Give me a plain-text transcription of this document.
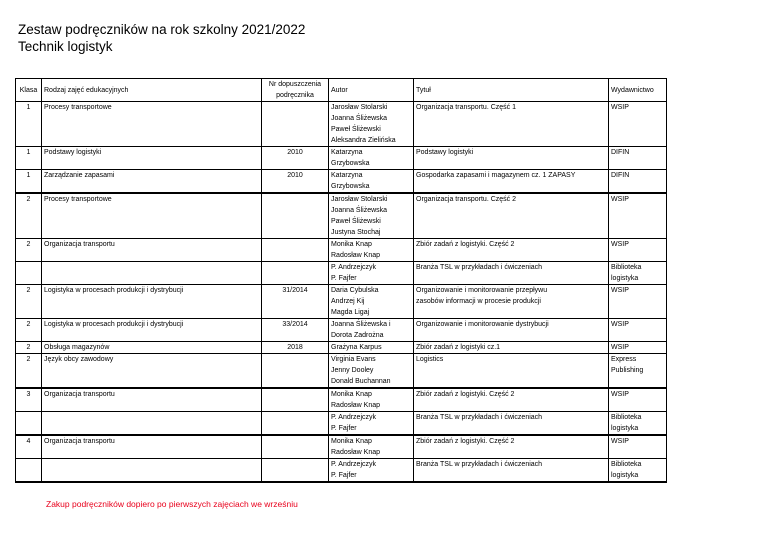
Zestaw podręczników na rok szkolny 2021/2022
Technik logistyk
Klasa	Rodzaj zajęć edukacyjnych	Nr dopuszczenia podręcznika	Autor	Tytuł	Wydawnictwo
1	Procesy transportowe		Jarosław Stolarski
Joanna Śliżewska
Paweł Śliżewski
Aleksandra Zielińska	Organizacja transportu. Część 1	WSIP

1	Podstawy logistyki	2010	Katarzyna
Grzybowska	Podstawy logistyki	DIFIN

1	Zarządzanie zapasami	2010	Katarzyna
Grzybowska	Gospodarka zapasami i magazynem cz. 1 ZAPASY	DIFIN

2	Procesy transportowe		Jarosław Stolarski
Joanna Śliżewska
Paweł Śliżewski
Justyna Stochaj	Organizacja transportu. Część 2	WSIP

2	Organizacja transportu		Monika Knap
Radosław Knap	Zbiór zadań z logistyki. Część 2	WSIP

			P. Andrzejczyk
P. Fajfer	Branża TSL w przykładach i ćwiczeniach	Biblioteka
logistyka

2	Logistyka w procesach produkcji i dystrybucji	31/2014	Daria Cybulska
Andrzej Kij
Magda Ligaj	Organizowanie i monitorowanie przepływu
zasobów informacji w procesie produkcji	WSIP

2	Logistyka w procesach produkcji i dystrybucji	33/2014	Joanna Śliżewska i
Dorota Zadrożna	Organizowanie i monitorowanie dystrybucji	WSIP

2	Obsługa magazynów	2018	Grażyna Karpus	Zbiór zadań z logistyki cz.1	WSIP

2	Język obcy zawodowy		Virginia Evans
Jenny Dooley
Donald Buchannan	Logistics	Express
Publishing

3	Organizacja transportu		Monika Knap
Radosław Knap	Zbiór zadań z logistyki. Część 2	WSIP

			P. Andrzejczyk
P. Fajfer	Branża TSL w przykładach i ćwiczeniach	Biblioteka
logistyka

4	Organizacja transportu		Monika Knap
Radosław Knap	Zbiór zadań z logistyki. Część 2	WSIP

			P. Andrzejczyk
P. Fajfer	Branża TSL w przykładach i ćwiczeniach	Biblioteka
logistyka
Zakup podręczników dopiero po pierwszych zajęciach we wrześniu
